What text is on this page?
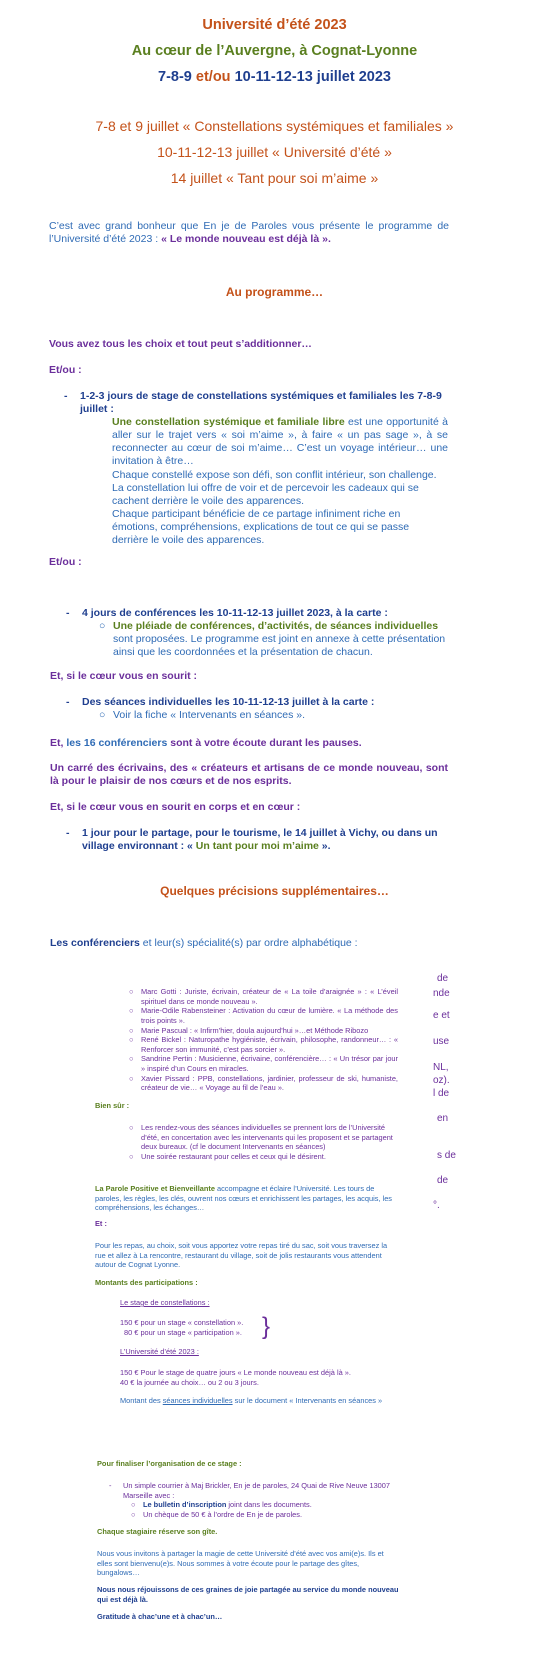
Université d’été 2023
Au cœur de l’Auvergne, à Cognat-Lyonne
7-8-9 et/ou 10-11-12-13 juillet 2023
7-8 et 9 juillet « Constellations systémiques et familiales »
10-11-12-13 juillet « Université d’été »
14 juillet « Tant pour soi m’aime »
C’est avec grand bonheur que En je de Paroles vous présente le programme de l’Université d’été 2023 : « Le monde nouveau est déjà là ».
Au programme…
Vous avez tous les choix et tout peut s’additionner…
Et/ou :
- 1-2-3 jours de stage de constellations systémiques et familiales les 7-8-9 juillet :

Une constellation systémique et familiale libre est une opportunité à aller sur le trajet vers « soi m’aime », à faire « un pas sage », à se reconnecter au cœur de soi m’aime… C’est un voyage intérieur… une invitation à être…

Chaque constellé expose son défi, son conflit intérieur, son challenge. La constellation lui offre de voir et de percevoir les cadeaux qui se cachent derrière le voile des apparences.

Chaque participant bénéficie de ce partage infiniment riche en émotions, compréhensions, explications de tout ce qui se passe derrière le voile des apparences.

Et/ou :
- 4 jours de conférences les 10-11-12-13 juillet 2023, à la carte :
○ Une pléiade de conférences, d’activités, de séances individuelles sont proposées. Le programme est joint en annexe à cette présentation ainsi que les coordonnées et la présentation de chacun.
Et, si le cœur vous en sourit :
- Des séances individuelles les 10-11-12-13 juillet à la carte :
○ Voir la fiche « Intervenants en séances ».
Et, les 16 conférenciers sont à votre écoute durant les pauses.
Un carré des écrivains, des « créateurs et artisans de ce monde nouveau, sont là pour le plaisir de nos cœurs et de nos esprits.
Et, si le cœur vous en sourit en corps et en cœur :
- 1 jour pour le partage, pour le tourisme, le 14 juillet à Vichy, ou dans un village environnant : « Un tant pour moi m’aime ».
Quelques précisions supplémentaires…
Les conférenciers et leur(s) spécialité(s) par ordre alphabétique :
de
nde
e et
use
NL,
oz).
l de
en
s de
de
°.
○ Marc Gotti : Juriste, écrivain, créateur de « La toile d’araignée » : « L’éveil spirituel dans ce monde nouveau ».
○ Marie-Odile Rabensteiner : Activation du cœur de lumière. « La méthode des trois points ».
○ Marie Pascual : « Infirm’hier, doula aujourd’hui »…et Méthode Ribozo
○ René Bickel : Naturopathe hygiéniste, écrivain, philosophe, randonneur… : « Renforcer son immunité, c’est pas sorcier ».
○ Sandrine Pertin : Musicienne, écrivaine, conférencière… : « Un trésor par jour » inspiré d’un Cours en miracles.
○ Xavier Pissard : PPB, constellations, jardinier, professeur de ski, humaniste, créateur de vie… « Voyage au fil de l’eau ».
Bien sûr :
○ Les rendez-vous des séances individuelles se prennent lors de l’Université d’été, en concertation avec les intervenants qui les proposent et se partagent deux bureaux. (cf le document Intervenants en séances)
○ Une soirée restaurant pour celles et ceux qui le désirent.
La Parole Positive et Bienveillante accompagne et éclaire l’Université. Les tours de paroles, les règles, les clés, ouvrent nos cœurs et enrichissent les partages, les acquis, les compréhensions, les échanges…
Et :
Pour les repas, au choix, soit vous apportez votre repas tiré du sac, soit vous traversez la rue et allez à La rencontre, restaurant du village, soit de jolis restaurants vous attendent autour de Cognat Lyonne.
Montants des participations :
Le stage de constellations :
150 € pour un stage « constellation ».
80 € pour un stage « participation ». }
L’Université d’été 2023 :
150 € Pour le stage de quatre jours « Le monde nouveau est déjà là ».
40 € la journée au choix… ou 2 ou 3 jours.
Montant des séances individuelles sur le document « Intervenants en séances »
Pour finaliser l’organisation de ce stage :
- Un simple courrier à Maj Brickler, En je de paroles, 24 Quai de Rive Neuve 13007 Marseille avec :
○ Le bulletin d’inscription joint dans les documents.
○ Un chèque de 50 € à l’ordre de En je de paroles.
Chaque stagiaire réserve son gîte.
Nous vous invitons à partager la magie de cette Université d’été avec vos ami(e)s. Ils et elles sont bienvenu(e)s. Nous sommes à votre écoute pour le partage des gîtes, bungalows…
Nous nous réjouissons de ces graines de joie partagée au service du monde nouveau qui est déjà là.
Gratitude à chac’une et à chac’un…
